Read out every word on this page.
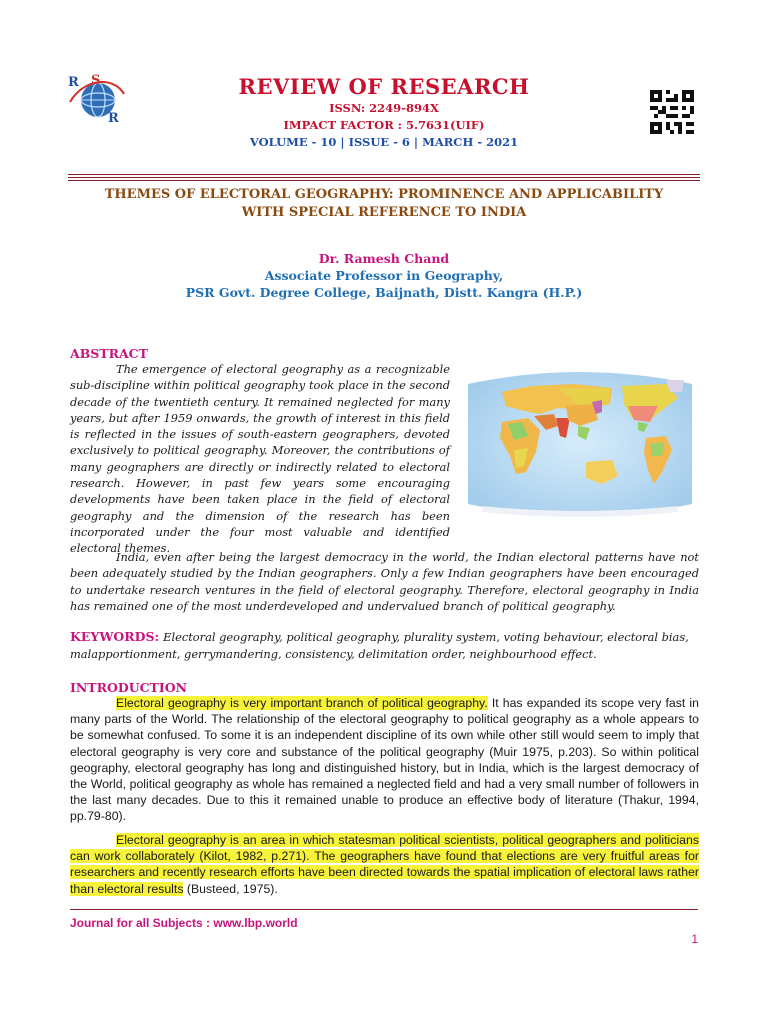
R S
R
REVIEW OF RESEARCH
ISSN: 2249-894X
IMPACT FACTOR : 5.7631(UIF)
VOLUME - 10 | ISSUE - 6 | MARCH - 2021
THEMES OF ELECTORAL GEOGRAPHY: PROMINENCE AND APPLICABILITY
WITH SPECIAL REFERENCE TO INDIA
Dr. Ramesh Chand
Associate Professor in Geography,
PSR Govt. Degree College, Baijnath, Distt. Kangra (H.P.)
ABSTRACT
The emergence of electoral geography as a recognizable sub-discipline within political geography took place in the second decade of the twentieth century. It remained neglected for many years, but after 1959 onwards, the growth of interest in this field is reflected in the issues of south-eastern geographers, devoted exclusively to political geography. Moreover, the contributions of many geographers are directly or indirectly related to electoral research. However, in past few years some encouraging developments have been taken place in the field of electoral geography and the dimension of the research has been incorporated under the four most valuable and identified electoral themes.
India, even after being the largest democracy in the world, the Indian electoral patterns have not been adequately studied by the Indian geographers. Only a few Indian geographers have been encouraged to undertake research ventures in the field of electoral geography. Therefore, electoral geography in India has remained one of the most underdeveloped and undervalued branch of political geography.
KEYWORDS: Electoral geography, political geography, plurality system, voting behaviour, electoral bias, malapportionment, gerrymandering, consistency, delimitation order, neighbourhood effect.
INTRODUCTION
Electoral geography is very important branch of political geography. It has expanded its scope very fast in many parts of the World. The relationship of the electoral geography to political geography as a whole appears to be somewhat confused. To some it is an independent discipline of its own while other still would seem to imply that electoral geography is very core and substance of the political geography (Muir 1975, p.203). So within political geography, electoral geography has long and distinguished history, but in India, which is the largest democracy of the World, political geography as whole has remained a neglected field and had a very small number of followers in the last many decades. Due to this it remained unable to produce an effective body of literature (Thakur, 1994, pp.79-80).
Electoral geography is an area in which statesman political scientists, political geographers and politicians can work collaborately (Kilot, 1982, p.271). The geographers have found that elections are very fruitful areas for researchers and recently research efforts have been directed towards the spatial implication of electoral laws rather than electoral results (Busteed, 1975).
Journal for all Subjects : www.lbp.world
1
